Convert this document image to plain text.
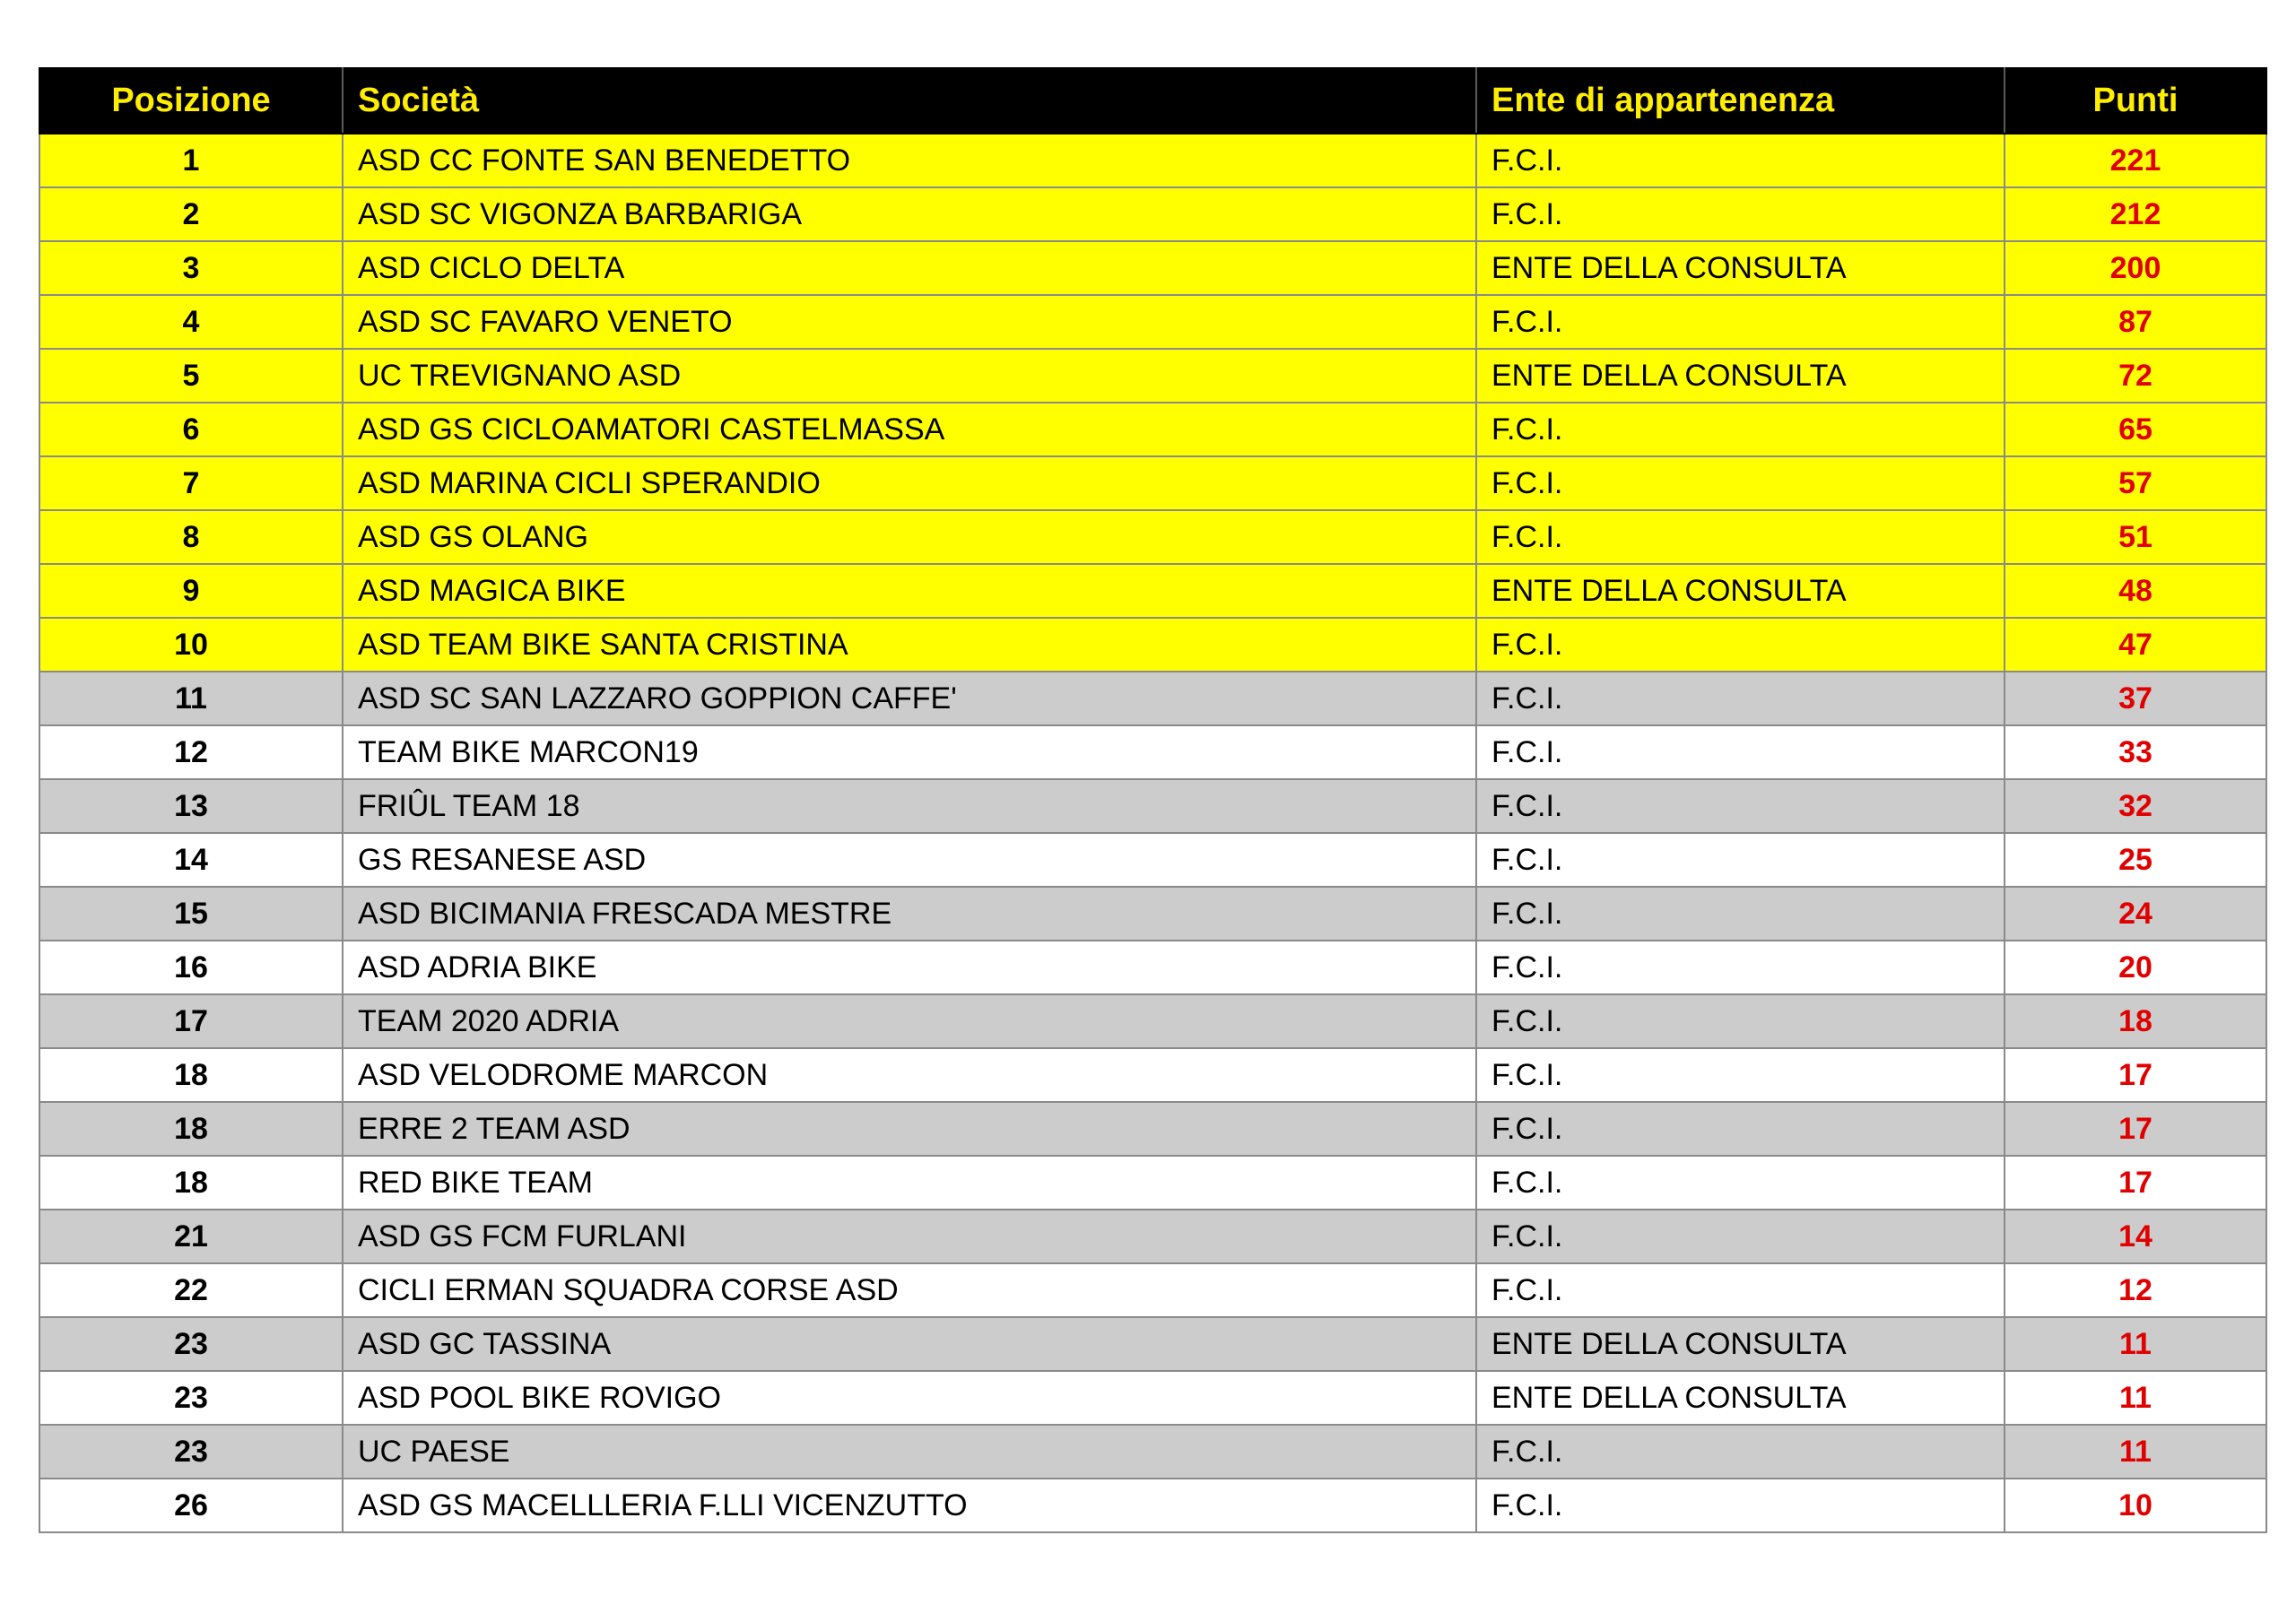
Posizione	Società	Ente di appartenenza	Punti
1	ASD CC FONTE SAN BENEDETTO	F.C.I.	221
2	ASD SC VIGONZA BARBARIGA	F.C.I.	212
3	ASD CICLO DELTA	ENTE DELLA CONSULTA	200
4	ASD SC FAVARO VENETO	F.C.I.	87
5	UC TREVIGNANO ASD	ENTE DELLA CONSULTA	72
6	ASD GS CICLOAMATORI CASTELMASSA	F.C.I.	65
7	ASD MARINA CICLI SPERANDIO	F.C.I.	57
8	ASD GS OLANG	F.C.I.	51
9	ASD MAGICA BIKE	ENTE DELLA CONSULTA	48
10	ASD TEAM BIKE SANTA CRISTINA	F.C.I.	47
11	ASD SC SAN LAZZARO GOPPION CAFFE'	F.C.I.	37
12	TEAM BIKE MARCON19	F.C.I.	33
13	FRIÛL TEAM 18	F.C.I.	32
14	GS RESANESE ASD	F.C.I.	25
15	ASD BICIMANIA FRESCADA MESTRE	F.C.I.	24
16	ASD ADRIA BIKE	F.C.I.	20
17	TEAM 2020 ADRIA	F.C.I.	18
18	ASD VELODROME MARCON	F.C.I.	17
18	ERRE 2 TEAM ASD	F.C.I.	17
18	RED BIKE TEAM	F.C.I.	17
21	ASD GS FCM FURLANI	F.C.I.	14
22	CICLI ERMAN SQUADRA CORSE ASD	F.C.I.	12
23	ASD GC TASSINA	ENTE DELLA CONSULTA	11
23	ASD POOL BIKE ROVIGO	ENTE DELLA CONSULTA	11
23	UC PAESE	F.C.I.	11
26	ASD GS MACELLLERIA F.LLI VICENZUTTO	F.C.I.	10
